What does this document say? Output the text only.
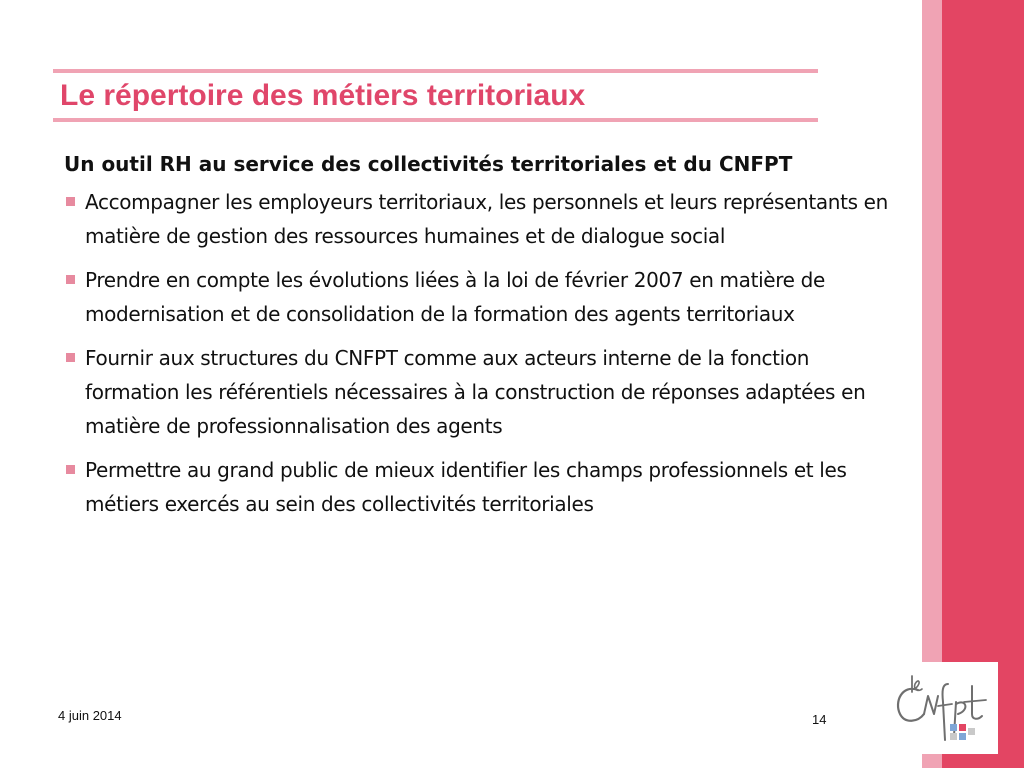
Le répertoire des métiers territoriaux

Un outil RH au service des collectivités territoriales et du CNFPT

Accompagner les employeurs territoriaux, les personnels et leurs représentants en matière de gestion des ressources humaines et de dialogue social
Prendre en compte les évolutions liées à la loi de février 2007 en matière de modernisation et de consolidation de la formation des agents territoriaux
Fournir aux structures du CNFPT comme aux acteurs interne de la fonction formation les référentiels nécessaires à la construction de réponses adaptées en matière de professionnalisation des agents
Permettre au grand public de mieux identifier les champs professionnels et les métiers exercés au sein des collectivités territoriales
4 juin 2014	14
